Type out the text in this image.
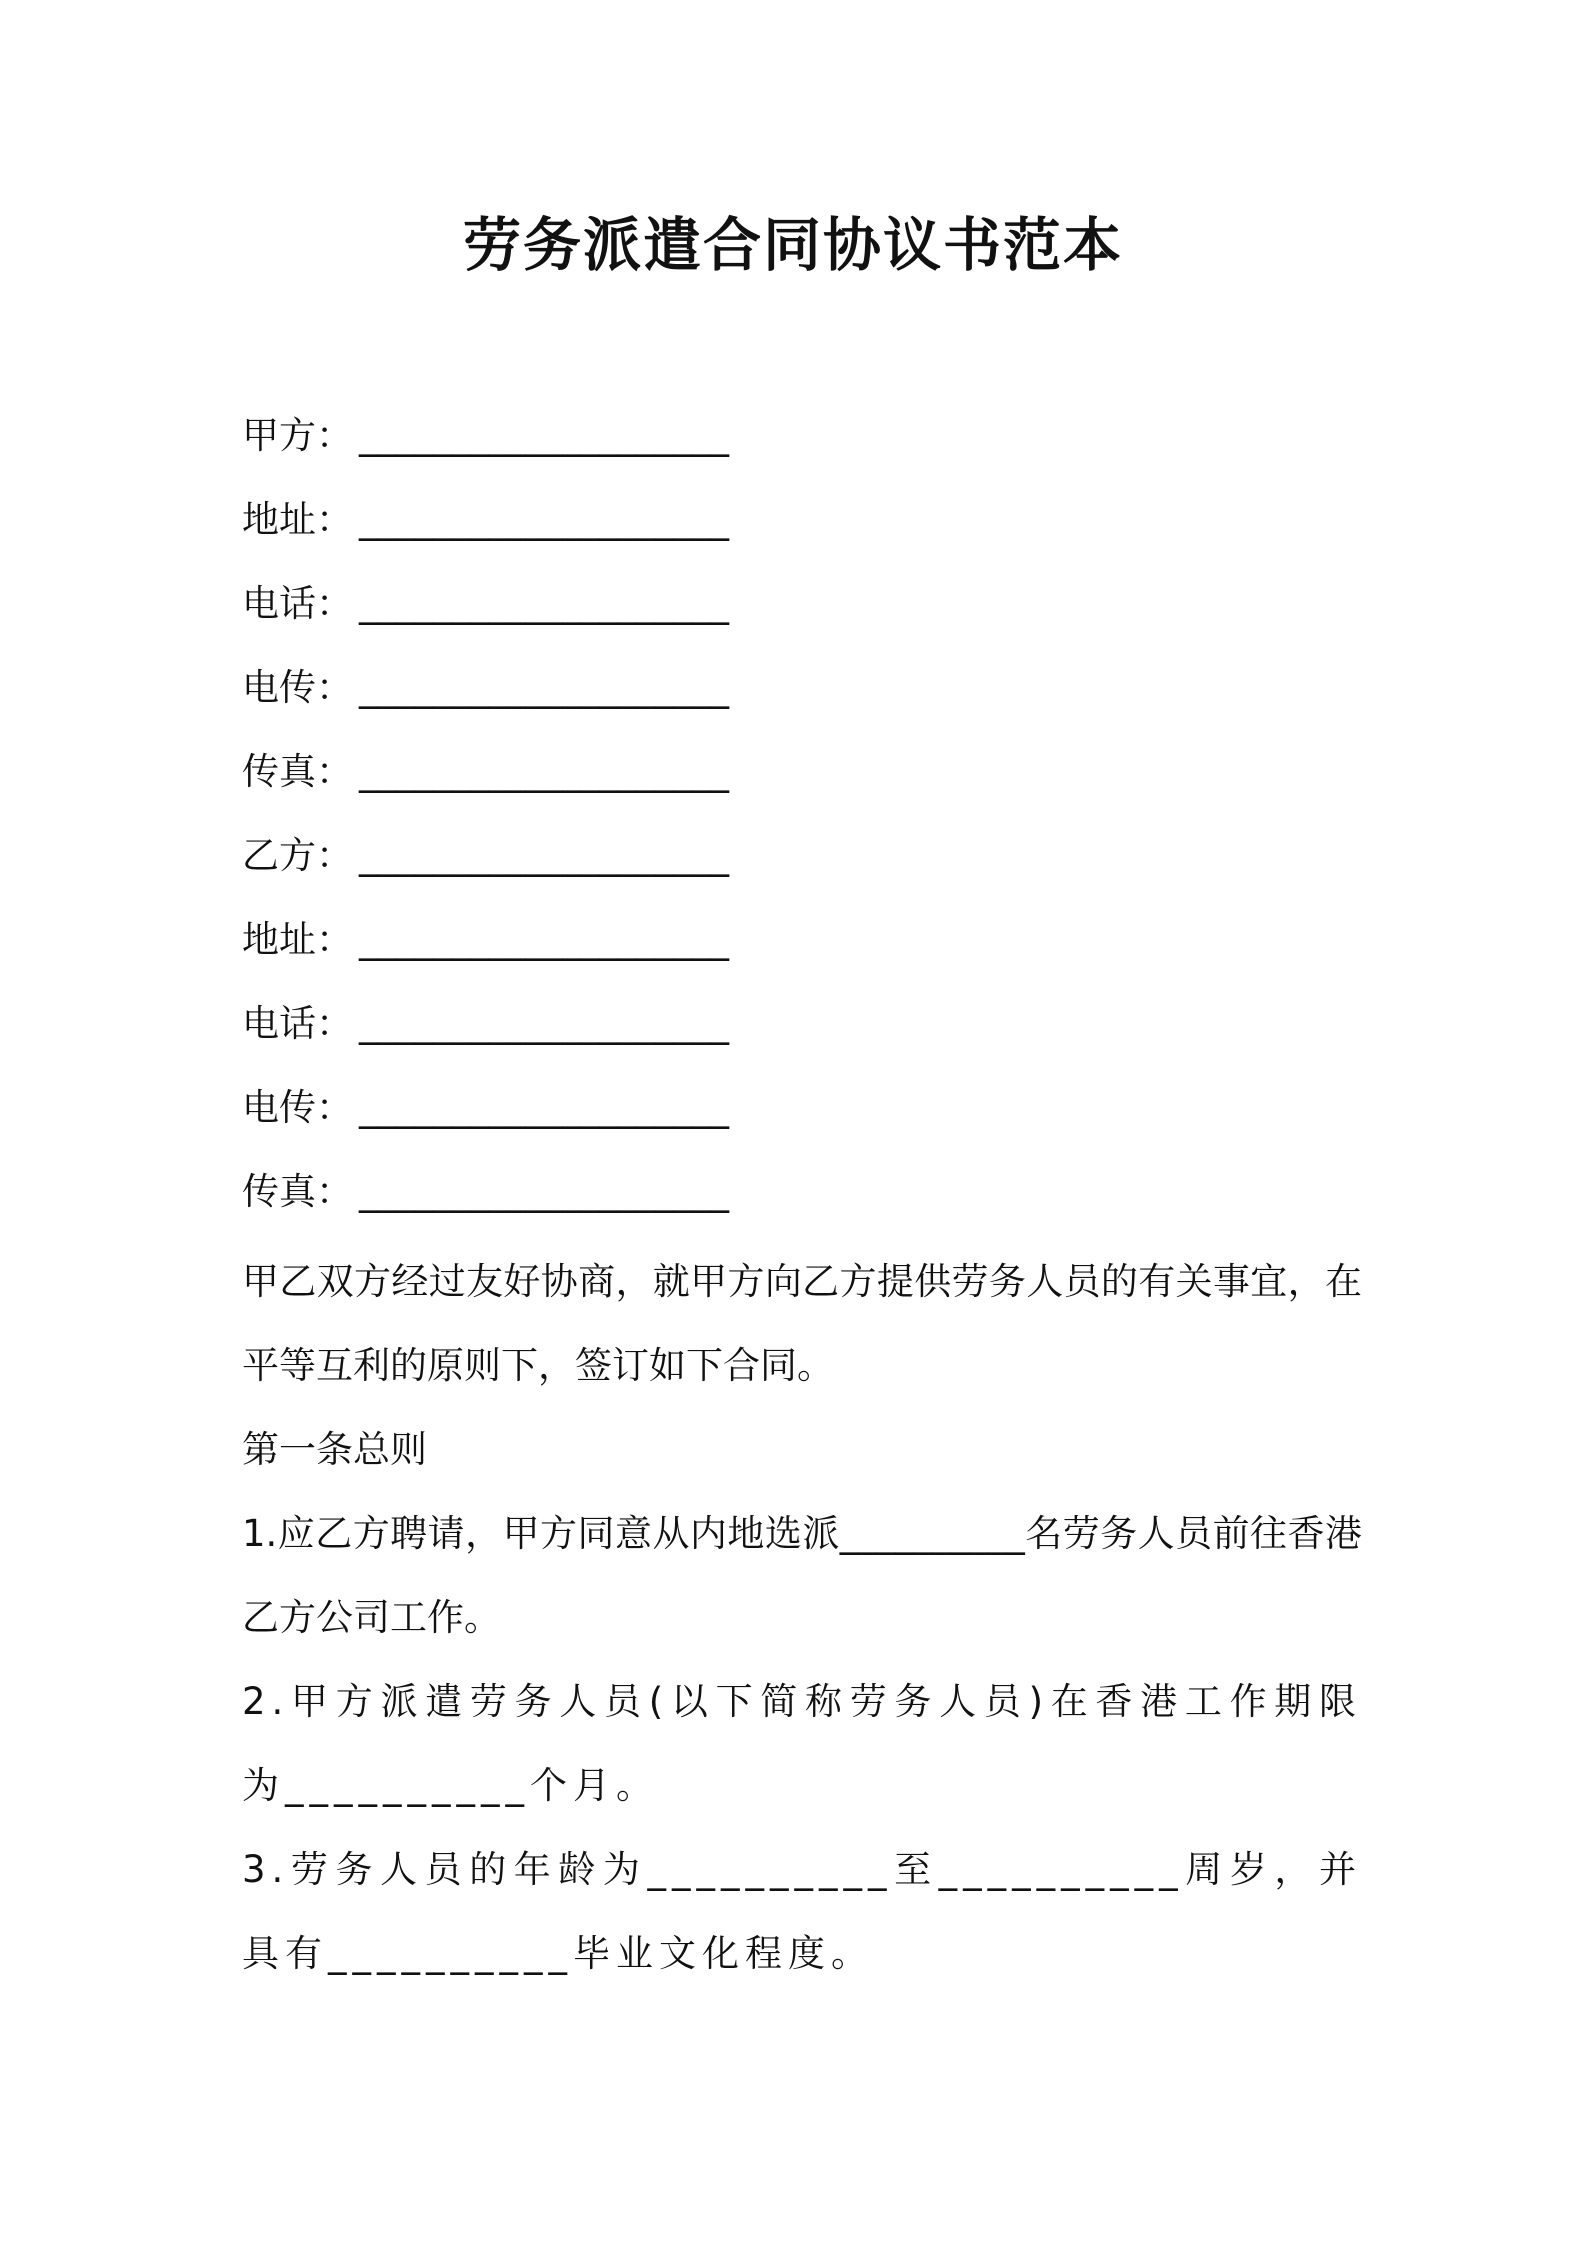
劳务派遣合同协议书范本
甲方： ____________________
地址： ____________________
电话： ____________________
电传： ____________________
传真： ____________________
乙方： ____________________
地址： ____________________
电话： ____________________
电传： ____________________
传真： ____________________

甲乙双方经过友好协商，就甲方向乙方提供劳务人员的有关事宜，在平等互利的原则下，签订如下合同。

第一条总则

1.应乙方聘请，甲方同意从内地选派__________名劳务人员前往香港乙方公司工作。

2.甲方派遣劳务人员(以下简称劳务人员)在香港工作期限为__________个月。

3.劳务人员的年龄为__________至__________周岁，并具有__________毕业文化程度。
